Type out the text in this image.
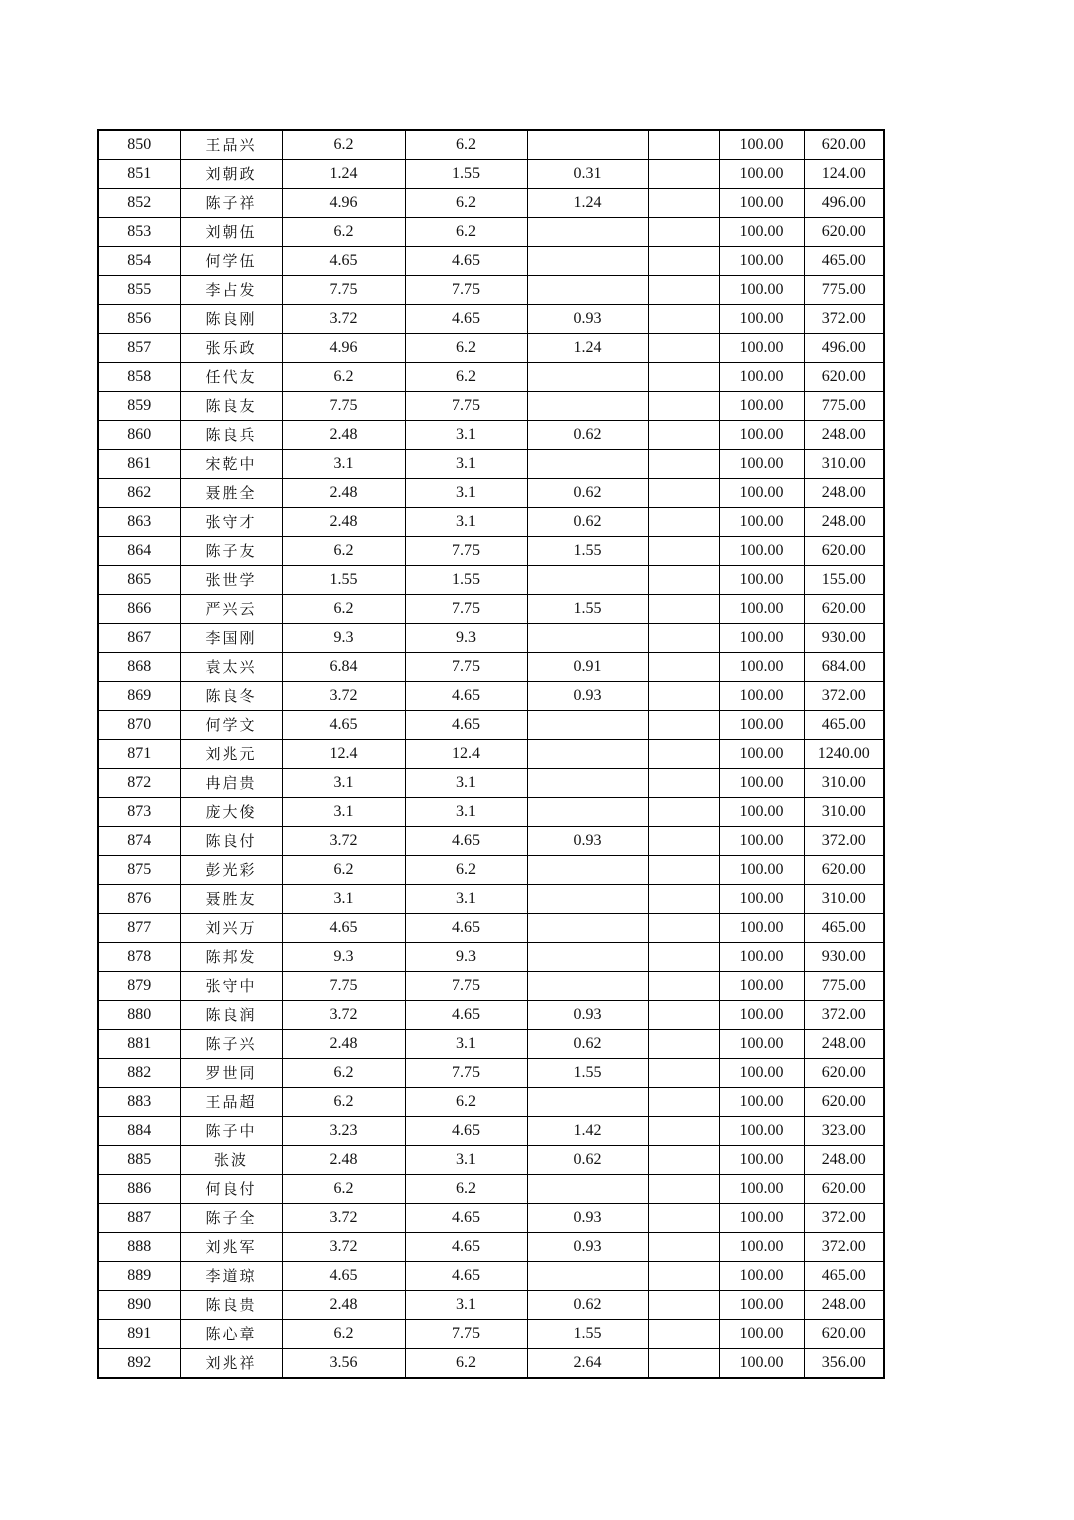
850	王品兴	6.2	6.2			100.00	620.00
851	刘朝政	1.24	1.55	0.31		100.00	124.00
852	陈子祥	4.96	6.2	1.24		100.00	496.00
853	刘朝伍	6.2	6.2			100.00	620.00
854	何学伍	4.65	4.65			100.00	465.00
855	李占发	7.75	7.75			100.00	775.00
856	陈良刚	3.72	4.65	0.93		100.00	372.00
857	张乐政	4.96	6.2	1.24		100.00	496.00
858	任代友	6.2	6.2			100.00	620.00
859	陈良友	7.75	7.75			100.00	775.00
860	陈良兵	2.48	3.1	0.62		100.00	248.00
861	宋乾中	3.1	3.1			100.00	310.00
862	聂胜全	2.48	3.1	0.62		100.00	248.00
863	张守才	2.48	3.1	0.62		100.00	248.00
864	陈子友	6.2	7.75	1.55		100.00	620.00
865	张世学	1.55	1.55			100.00	155.00
866	严兴云	6.2	7.75	1.55		100.00	620.00
867	李国刚	9.3	9.3			100.00	930.00
868	袁太兴	6.84	7.75	0.91		100.00	684.00
869	陈良冬	3.72	4.65	0.93		100.00	372.00
870	何学文	4.65	4.65			100.00	465.00
871	刘兆元	12.4	12.4			100.00	1240.00
872	冉启贵	3.1	3.1			100.00	310.00
873	庞大俊	3.1	3.1			100.00	310.00
874	陈良付	3.72	4.65	0.93		100.00	372.00
875	彭光彩	6.2	6.2			100.00	620.00
876	聂胜友	3.1	3.1			100.00	310.00
877	刘兴万	4.65	4.65			100.00	465.00
878	陈邦发	9.3	9.3			100.00	930.00
879	张守中	7.75	7.75			100.00	775.00
880	陈良润	3.72	4.65	0.93		100.00	372.00
881	陈子兴	2.48	3.1	0.62		100.00	248.00
882	罗世同	6.2	7.75	1.55		100.00	620.00
883	王品超	6.2	6.2			100.00	620.00
884	陈子中	3.23	4.65	1.42		100.00	323.00
885	张波	2.48	3.1	0.62		100.00	248.00
886	何良付	6.2	6.2			100.00	620.00
887	陈子全	3.72	4.65	0.93		100.00	372.00
888	刘兆军	3.72	4.65	0.93		100.00	372.00
889	李道琼	4.65	4.65			100.00	465.00
890	陈良贵	2.48	3.1	0.62		100.00	248.00
891	陈心章	6.2	7.75	1.55		100.00	620.00
892	刘兆祥	3.56	6.2	2.64		100.00	356.00
